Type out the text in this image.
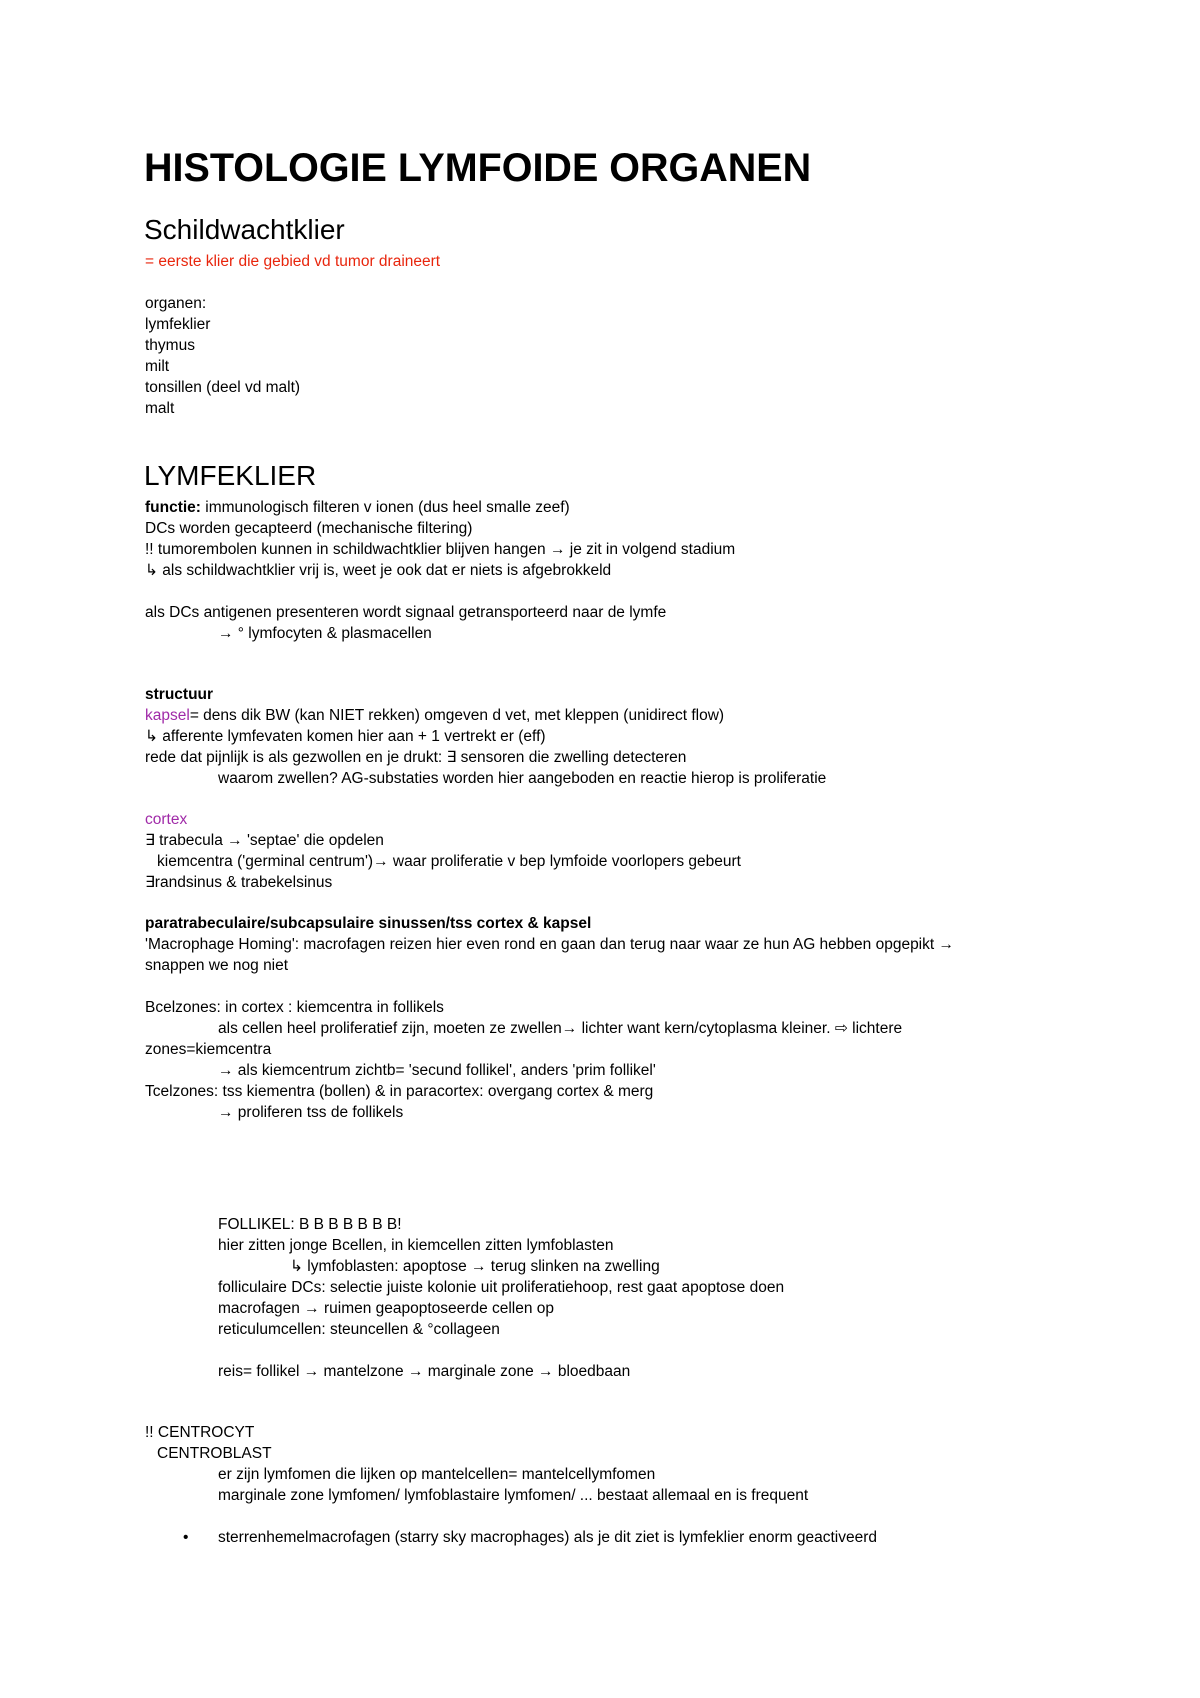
HISTOLOGIE LYMFOIDE ORGANEN
Schildwachtklier
= eerste klier die gebied vd tumor draineert
organen:
lymfeklier
thymus
milt
tonsillen (deel vd malt)
malt
LYMFEKLIER
functie: immunologisch filteren v ionen (dus heel smalle zeef)
DCs worden gecapteerd (mechanische filtering)
!! tumorembolen kunnen in schildwachtklier blijven hangen → je zit in volgend stadium
↳ als schildwachtklier vrij is, weet je ook dat er niets is afgebrokkeld
als DCs antigenen presenteren wordt signaal getransporteerd naar de lymfe
→ ° lymfocyten & plasmacellen
structuur
kapsel= dens dik BW (kan NIET rekken) omgeven d vet, met kleppen (unidirect flow)
↳ afferente lymfevaten komen hier aan + 1 vertrekt er (eff)
rede dat pijnlijk is als gezwollen en je drukt: ∃ sensoren die zwelling detecteren
waarom zwellen? AG-substaties worden hier aangeboden en reactie hierop is proliferatie
cortex
∃ trabecula → 'septae' die opdelen
kiemcentra ('germinal centrum')→ waar proliferatie v bep lymfoide voorlopers gebeurt
∃randsinus & trabekelsinus
paratrabeculaire/subcapsulaire sinussen/tss cortex & kapsel
'Macrophage Homing': macrofagen reizen hier even rond en gaan dan terug naar waar ze hun AG hebben opgepikt →
snappen we nog niet
Bcelzones: in cortex : kiemcentra in follikels
als cellen heel proliferatief zijn, moeten ze zwellen→ lichter want kern/cytoplasma kleiner. ⇨ lichtere
zones=kiemcentra
→ als kiemcentrum zichtb= 'secund follikel', anders 'prim follikel'
Tcelzones: tss kiementra (bollen) & in paracortex: overgang cortex & merg
→ proliferen tss de follikels
FOLLIKEL: B B B B B B B!
hier zitten jonge Bcellen, in kiemcellen zitten lymfoblasten
↳ lymfoblasten: apoptose → terug slinken na zwelling
folliculaire DCs: selectie juiste kolonie uit proliferatiehoop, rest gaat apoptose doen
macrofagen → ruimen geapoptoseerde cellen op
reticulumcellen: steuncellen & °collageen
reis= follikel → mantelzone → marginale zone → bloedbaan
!! CENTROCYT
CENTROBLAST
er zijn lymfomen die lijken op mantelcellen= mantelcellymfomen
marginale zone lymfomen/ lymfoblastaire lymfomen/ ... bestaat allemaal en is frequent
• sterrenhemelmacrofagen (starry sky macrophages) als je dit ziet is lymfeklier enorm geactiveerd
